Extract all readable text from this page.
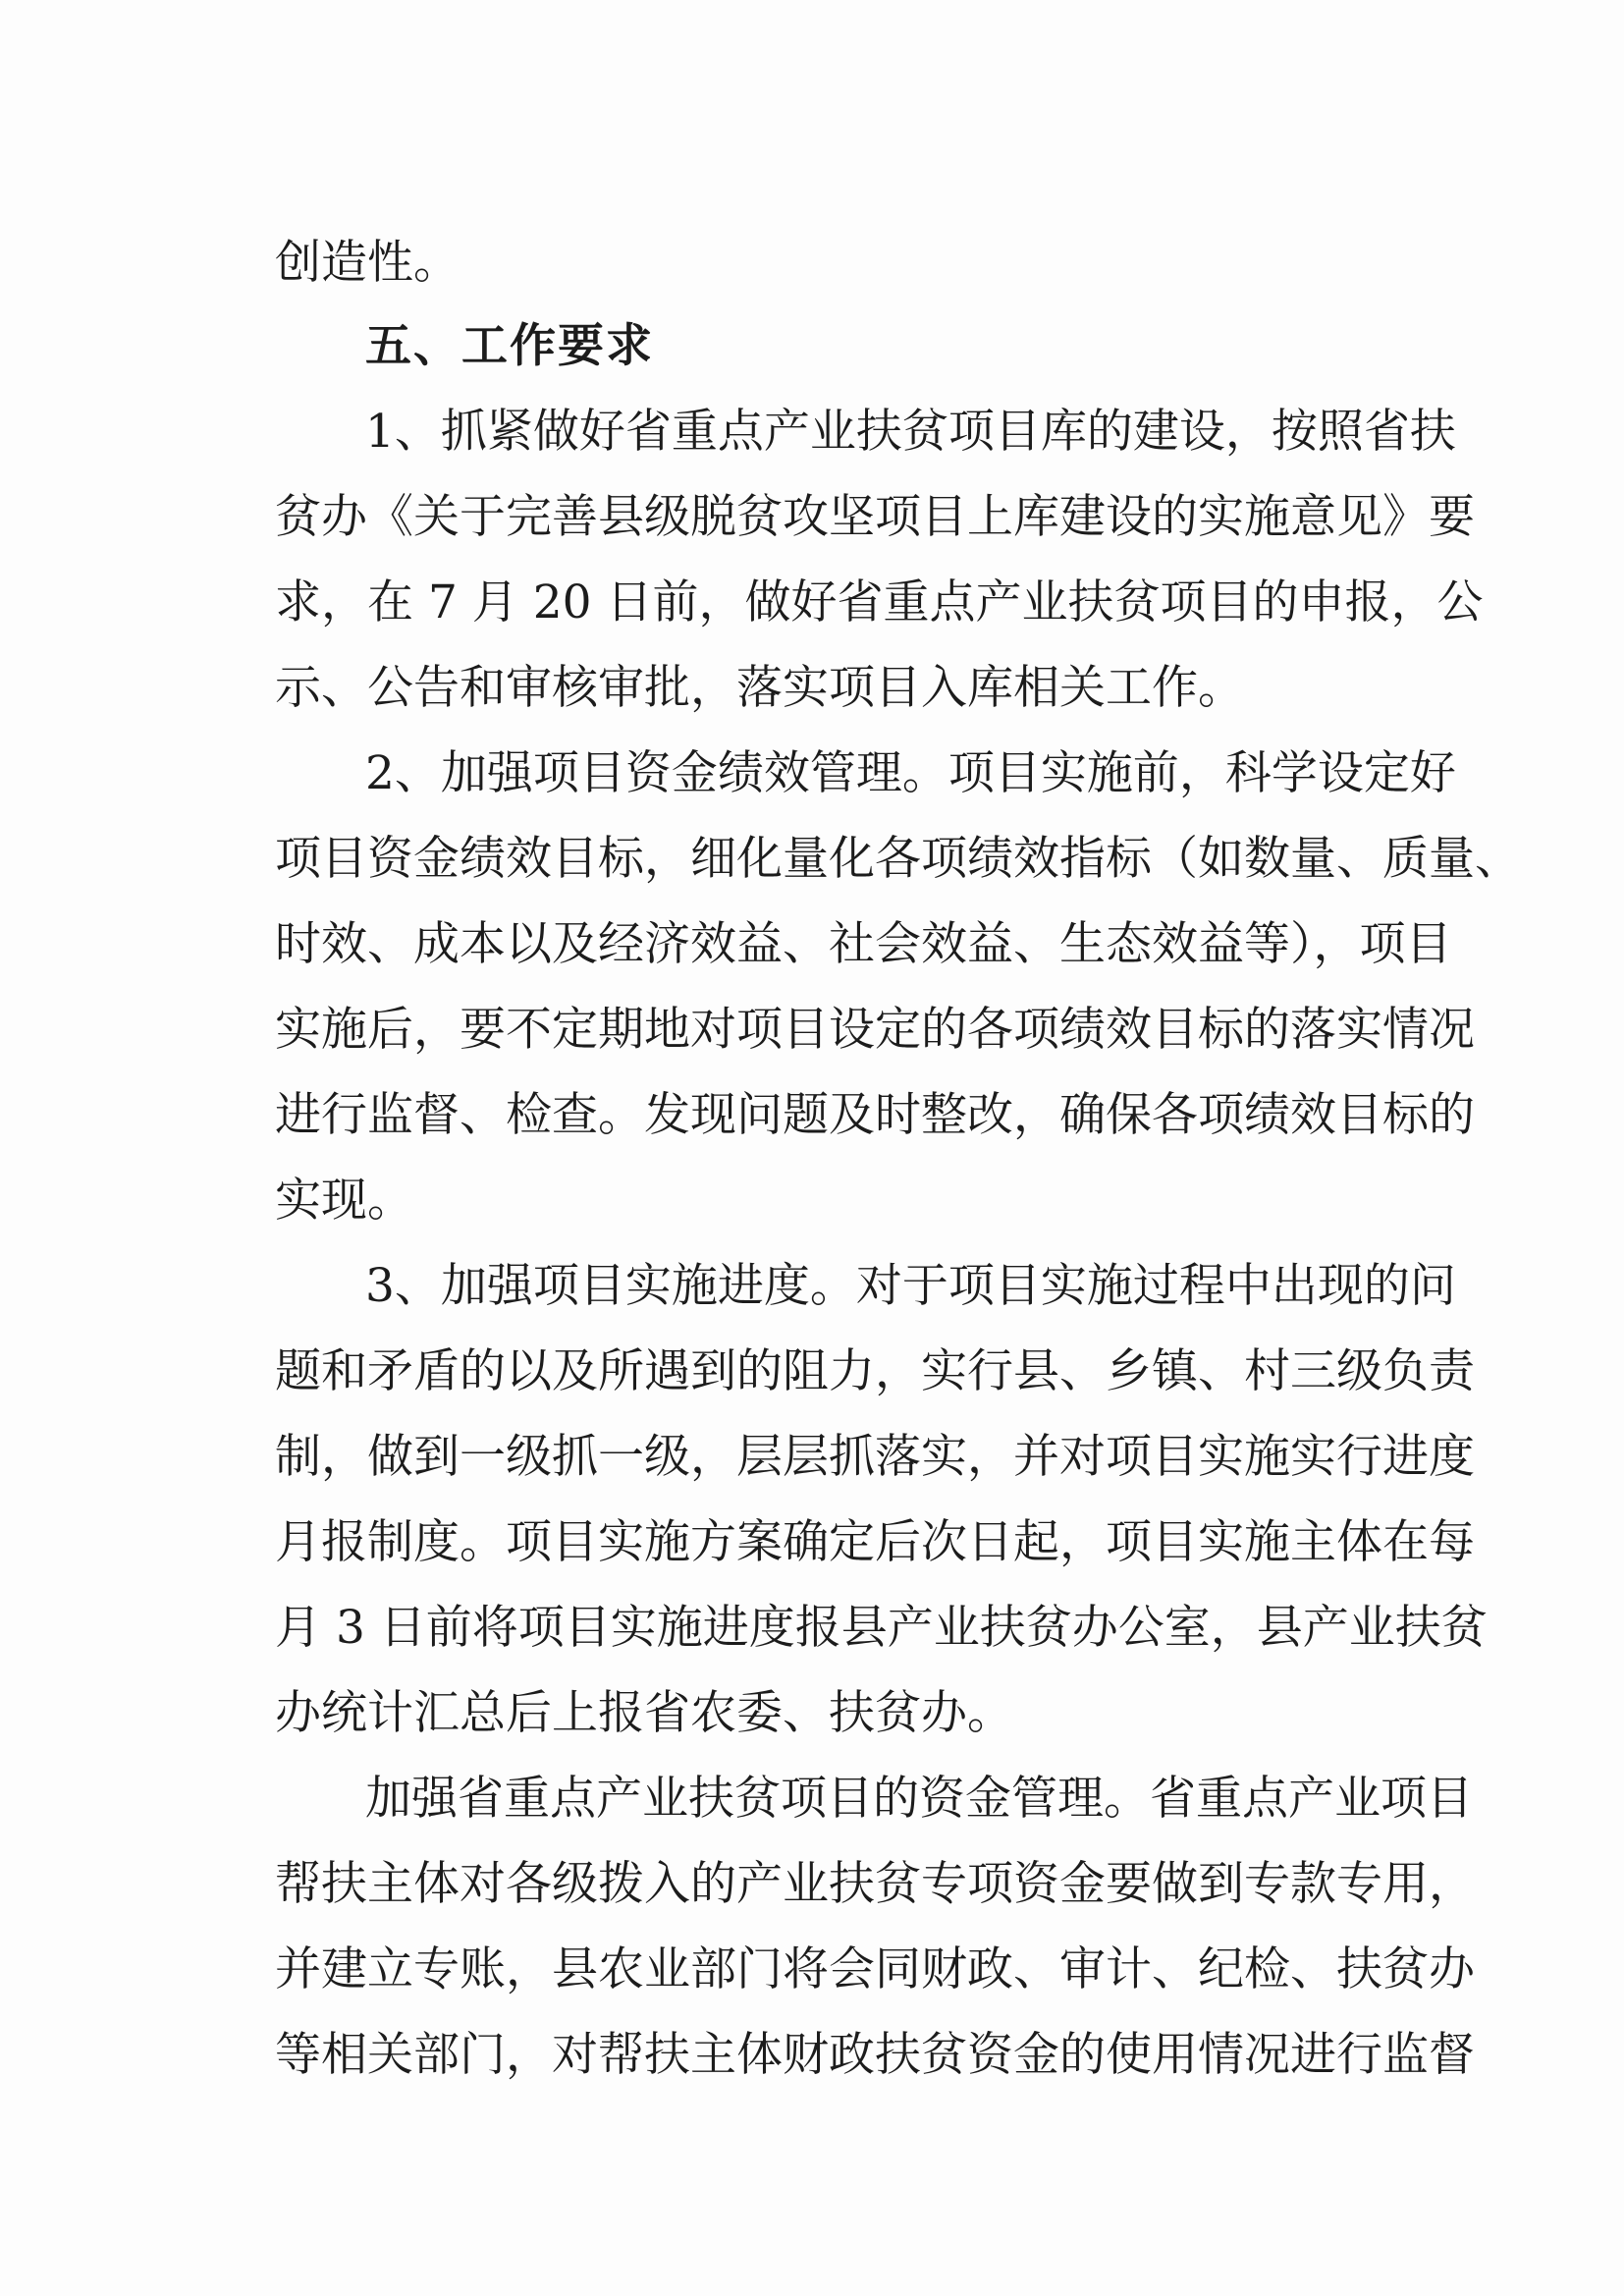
创造性。
五、工作要求
1、抓紧做好省重点产业扶贫项目库的建设，按照省扶
贫办《关于完善县级脱贫攻坚项目上库建设的实施意见》要
求，在 7 月 20 日前，做好省重点产业扶贫项目的申报，公
示、公告和审核审批，落实项目入库相关工作。
2、加强项目资金绩效管理。项目实施前，科学设定好
项目资金绩效目标，细化量化各项绩效指标（如数量、质量、
时效、成本以及经济效益、社会效益、生态效益等），项目
实施后，要不定期地对项目设定的各项绩效目标的落实情况
进行监督、检查。发现问题及时整改，确保各项绩效目标的
实现。
3、加强项目实施进度。对于项目实施过程中出现的问
题和矛盾的以及所遇到的阻力，实行县、乡镇、村三级负责
制，做到一级抓一级，层层抓落实，并对项目实施实行进度
月报制度。项目实施方案确定后次日起，项目实施主体在每
月 3 日前将项目实施进度报县产业扶贫办公室，县产业扶贫
办统计汇总后上报省农委、扶贫办。
加强省重点产业扶贫项目的资金管理。省重点产业项目
帮扶主体对各级拨入的产业扶贫专项资金要做到专款专用，
并建立专账，县农业部门将会同财政、审计、纪检、扶贫办
等相关部门，对帮扶主体财政扶贫资金的使用情况进行监督
